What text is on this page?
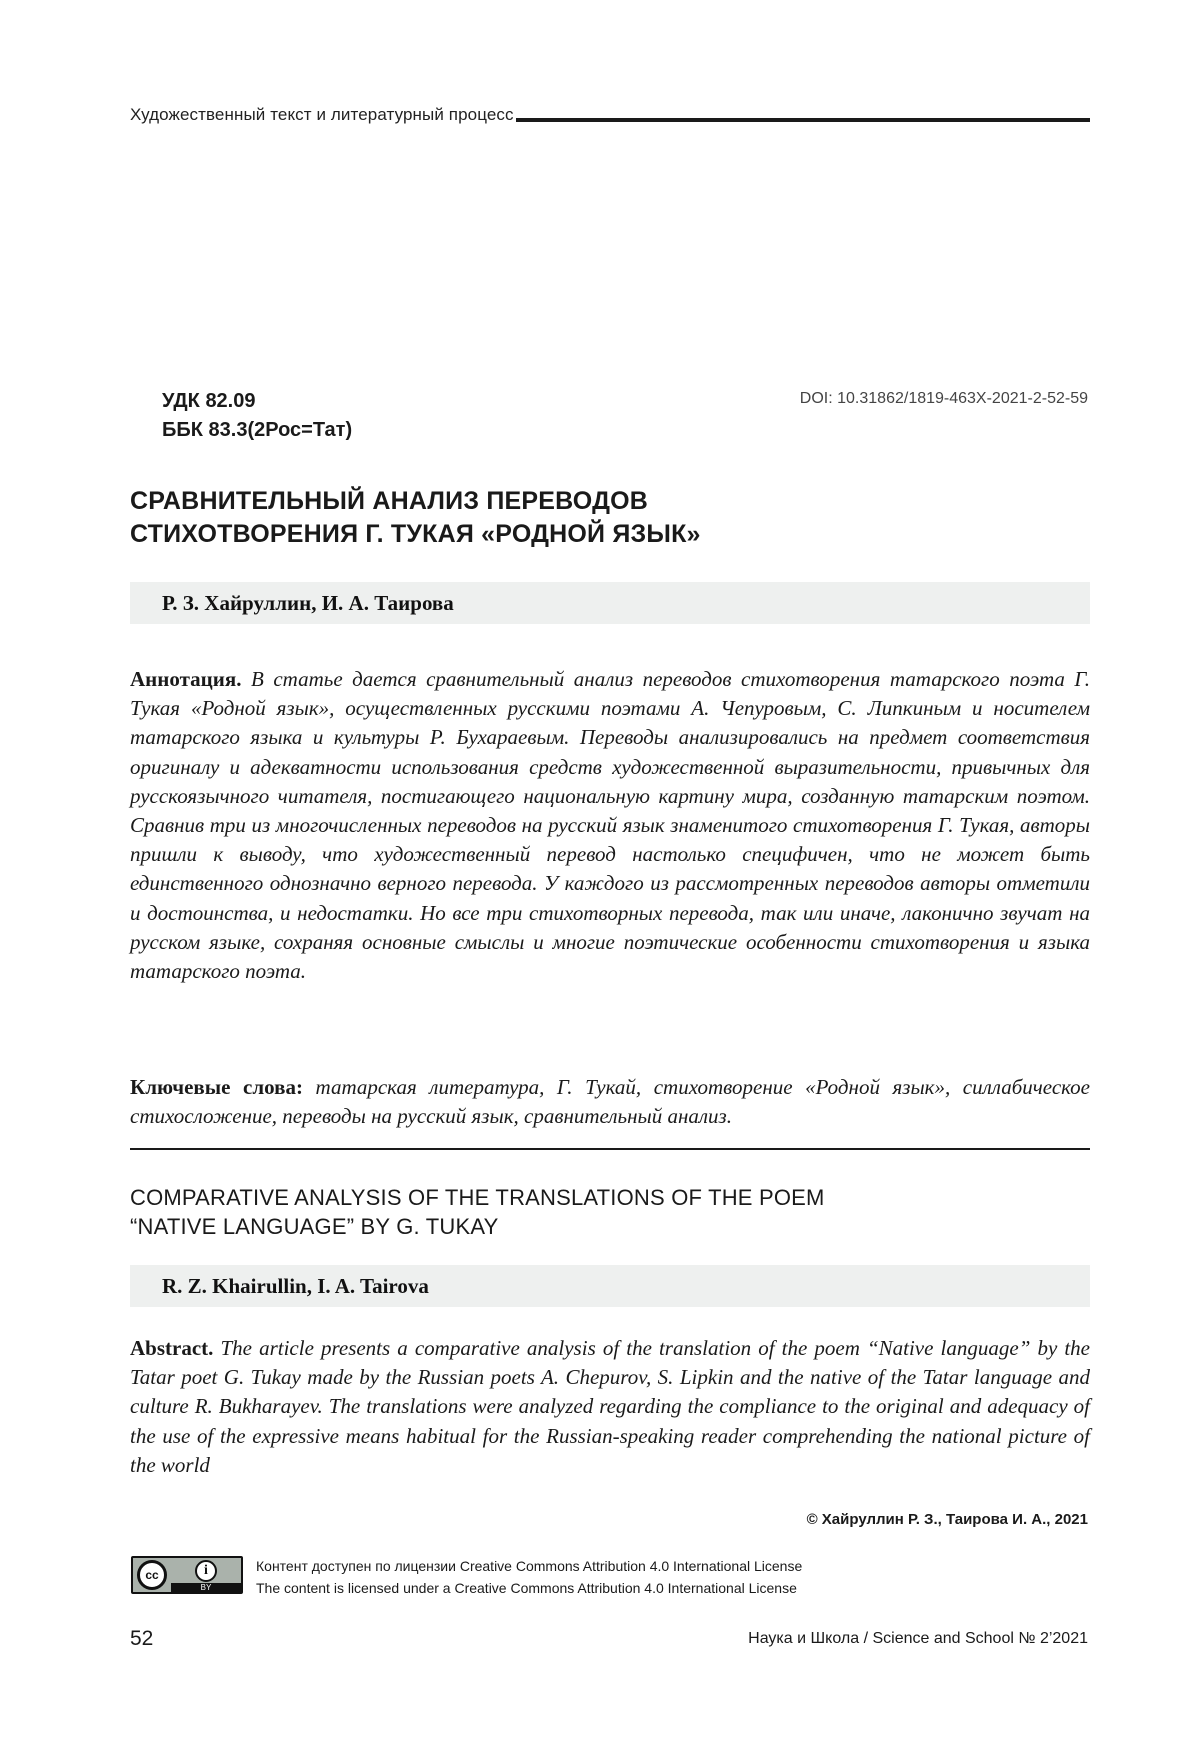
Художественный текст и литературный процесс
УДК 82.09
ББК 83.3(2Рос=Тат)
DOI: 10.31862/1819-463X-2021-2-52-59
СРАВНИТЕЛЬНЫЙ АНАЛИЗ ПЕРЕВОДОВ
СТИХОТВОРЕНИЯ Г. ТУКАЯ «РОДНОЙ ЯЗЫК»
Р. З. Хайруллин, И. А. Таирова
Аннотация. В статье дается сравнительный анализ переводов стихотворения татарского поэта Г. Тукая «Родной язык», осуществленных русскими поэтами А. Чепуровым, С. Липкиным и носителем татарского языка и культуры Р. Бухараевым. Переводы анализировались на предмет соответствия оригиналу и адекватности использования средств художественной выразительности, привычных для русскоязычного читателя, постигающего национальную картину мира, созданную татарским поэтом. Сравнив три из многочисленных переводов на русский язык знаменитого стихотворения Г. Тукая, авторы пришли к выводу, что художественный перевод настолько специфичен, что не может быть единственного однозначно верного перевода. У каждого из рассмотренных переводов авторы отметили и достоинства, и недостатки. Но все три стихотворных перевода, так или иначе, лаконично звучат на русском языке, сохраняя основные смыслы и многие поэтические особенности стихотворения и языка татарского поэта.
Ключевые слова: татарская литература, Г. Тукай, стихотворение «Родной язык», силлабическое стихосложение, переводы на русский язык, сравнительный анализ.
COMPARATIVE ANALYSIS OF THE TRANSLATIONS OF THE POEM
“NATIVE LANGUAGE” BY G. TUKAY
R. Z. Khairullin, I. A. Tairova
Abstract. The article presents a comparative analysis of the translation of the poem “Native language” by the Tatar poet G. Tukay made by the Russian poets A. Chepurov, S. Lipkin and the native of the Tatar language and culture R. Bukharayev. The translations were analyzed regarding the compliance to the original and adequacy of the use of the expressive means habitual for the Russian-speaking reader comprehending the national picture of the world
© Хайруллин Р. З., Таирова И. А., 2021
cc	i
BY
Контент доступен по лицензии Creative Commons Attribution 4.0 International License
The content is licensed under a Creative Commons Attribution 4.0 International License
52	Наука и Школа / Science and School № 2’2021
